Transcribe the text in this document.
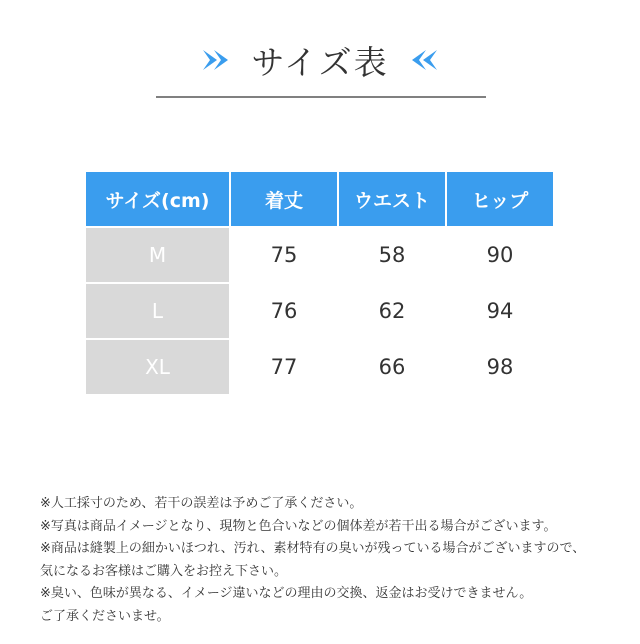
サイズ表
サイズ(cm)	着丈	ウエスト	ヒップ
M	75	58	90
L	76	62	94
XL	77	66	98

※人工採寸のため、若干の誤差は予めご了承ください。

※写真は商品イメージとなり、現物と色合いなどの個体差が若干出る場合がございます。

※商品は縫製上の細かいほつれ、汚れ、素材特有の臭いが残っている場合がございますので、

気になるお客様はご購入をお控え下さい。

※臭い、色味が異なる、イメージ違いなどの理由の交換、返金はお受けできません。

ご了承くださいませ。
